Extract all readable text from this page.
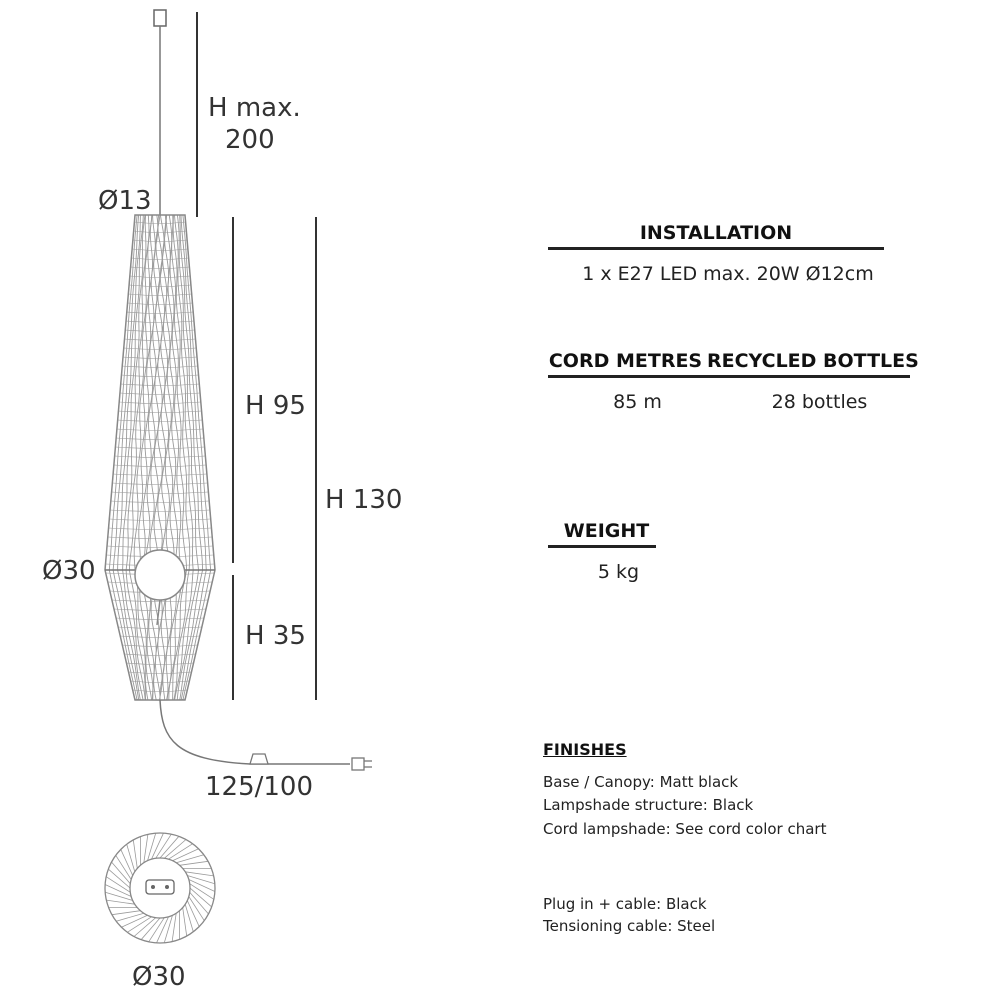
H max.
200
Ø13
H 95
H 130
Ø30
H 35
125/100
Ø30
INSTALLATION
1 x E27 LED max. 20W Ø12cm
CORD METRES RECYCLED BOTTLES
85 m	28 bottles
WEIGHT
5 kg
FINISHES
Base / Canopy: Matt black
Lampshade structure: Black
Cord lampshade: See cord color chart
Plug in + cable: Black
Tensioning cable: Steel
